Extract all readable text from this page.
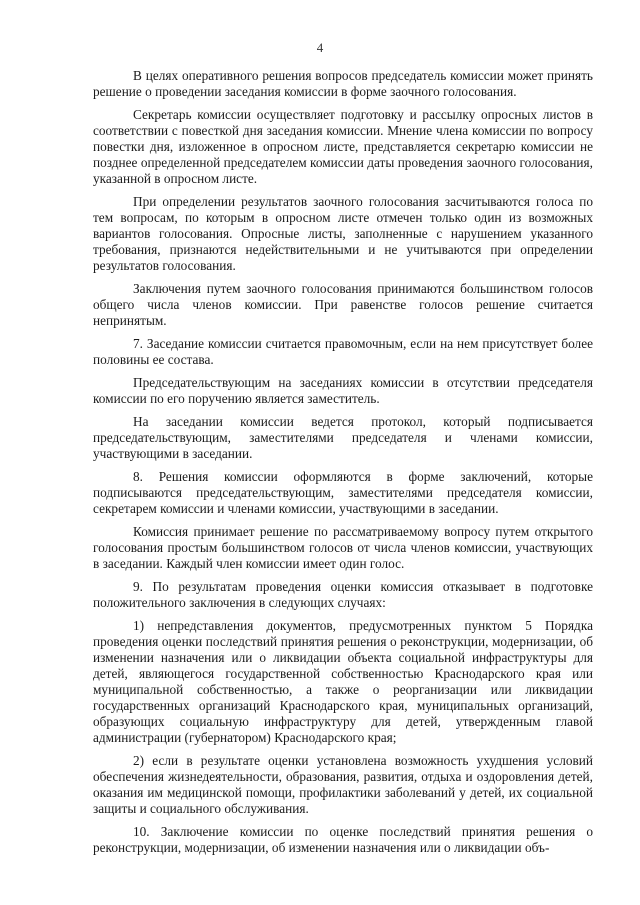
4

В целях оперативного решения вопросов председатель комиссии может принять решение о проведении заседания комиссии в форме заочного голосования.

Секретарь комиссии осуществляет подготовку и рассылку опросных листов в соответствии с повесткой дня заседания комиссии. Мнение члена комиссии по вопросу повестки дня, изложенное в опросном листе, представляется секретарю комиссии не позднее определенной председателем комиссии даты проведения заочного голосования, указанной в опросном листе.

При определении результатов заочного голосования засчитываются голоса по тем вопросам, по которым в опросном листе отмечен только один из возможных вариантов голосования. Опросные листы, заполненные с нарушением указанного требования, признаются недействительными и не учитываются при определении результатов голосования.

Заключения путем заочного голосования принимаются большинством голосов общего числа членов комиссии. При равенстве голосов решение считается непринятым.

7. Заседание комиссии считается правомочным, если на нем присутствует более половины ее состава.

Председательствующим на заседаниях комиссии в отсутствии председателя комиссии по его поручению является заместитель.

На заседании комиссии ведется протокол, который подписывается председательствующим, заместителями председателя и членами комиссии, участвующими в заседании.

8. Решения комиссии оформляются в форме заключений, которые подписываются председательствующим, заместителями председателя комиссии, секретарем комиссии и членами комиссии, участвующими в заседании.

Комиссия принимает решение по рассматриваемому вопросу путем открытого голосования простым большинством голосов от числа членов комиссии, участвующих в заседании. Каждый член комиссии имеет один голос.

9. По результатам проведения оценки комиссия отказывает в подготовке положительного заключения в следующих случаях:

1) непредставления документов, предусмотренных пунктом 5 Порядка проведения оценки последствий принятия решения о реконструкции, модернизации, об изменении назначения или о ликвидации объекта социальной инфраструктуры для детей, являющегося государственной собственностью Краснодарского края или муниципальной собственностью, а также о реорганизации или ликвидации государственных организаций Краснодарского края, муниципальных организаций, образующих социальную инфраструктуру для детей, утвержденным главой администрации (губернатором) Краснодарского края;

2) если в результате оценки установлена возможность ухудшения условий обеспечения жизнедеятельности, образования, развития, отдыха и оздоровления детей, оказания им медицинской помощи, профилактики заболеваний у детей, их социальной защиты и социального обслуживания.

10. Заключение комиссии по оценке последствий принятия решения о реконструкции, модернизации, об изменении назначения или о ликвидации объ-
